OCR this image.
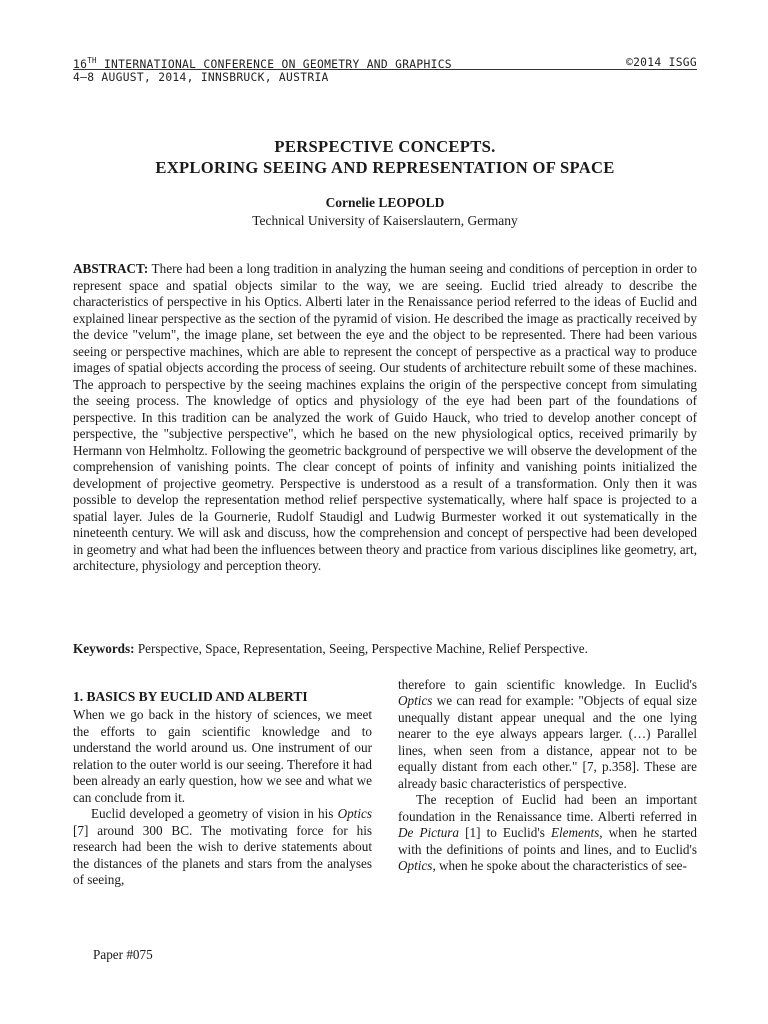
16TH INTERNATIONAL CONFERENCE ON GEOMETRY AND GRAPHICS	©2014 ISGG
4–8 AUGUST, 2014, INNSBRUCK, AUSTRIA
PERSPECTIVE CONCEPTS.
EXPLORING SEEING AND REPRESENTATION OF SPACE
Cornelie LEOPOLD
Technical University of Kaiserslautern, Germany
ABSTRACT: There had been a long tradition in analyzing the human seeing and conditions of perception in order to represent space and spatial objects similar to the way, we are seeing. Euclid tried already to describe the characteristics of perspective in his Optics. Alberti later in the Renaissance period referred to the ideas of Euclid and explained linear perspective as the section of the pyramid of vision. He described the image as practically received by the device "velum", the image plane, set between the eye and the object to be represented. There had been various seeing or perspective machines, which are able to represent the concept of perspective as a practical way to produce images of spatial objects according the process of seeing. Our students of architecture rebuilt some of these machines. The approach to perspective by the seeing machines explains the origin of the perspective concept from simulating the seeing process. The knowledge of optics and physiology of the eye had been part of the foundations of perspective. In this tradition can be analyzed the work of Guido Hauck, who tried to develop another concept of perspective, the "subjective perspective", which he based on the new physiological optics, received primarily by Hermann von Helmholtz. Following the geometric background of perspective we will observe the development of the comprehension of vanishing points. The clear concept of points of infinity and vanishing points initialized the development of projective geometry. Perspective is understood as a result of a transformation. Only then it was possible to develop the representation method relief perspective systematically, where half space is projected to a spatial layer. Jules de la Gournerie, Rudolf Staudigl and Ludwig Burmester worked it out systematically in the nineteenth century. We will ask and discuss, how the comprehension and concept of perspective had been developed in geometry and what had been the influences between theory and practice from various disciplines like geometry, art, architecture, physiology and perception theory.
Keywords: Perspective, Space, Representation, Seeing, Perspective Machine, Relief Perspective.
1. BASICS BY EUCLID AND ALBERTI

When we go back in the history of sciences, we meet the efforts to gain scientific knowledge and to understand the world around us. One instrument of our relation to the outer world is our seeing. Therefore it had been already an early question, how we see and what we can conclude from it.

Euclid developed a geometry of vision in his Optics [7] around 300 BC. The motivating force for his research had been the wish to derive statements about the distances of the planets and stars from the analyses of seeing,

therefore to gain scientific knowledge. In Euclid's Optics we can read for example: "Objects of equal size unequally distant appear unequal and the one lying nearer to the eye always appears larger. (…) Parallel lines, when seen from a distance, appear not to be equally distant from each other." [7, p.358]. These are already basic characteristics of perspective.

The reception of Euclid had been an important foundation in the Renaissance time. Alberti referred in De Pictura [1] to Euclid's Elements, when he started with the definitions of points and lines, and to Euclid's Optics, when he spoke about the characteristics of see-

Paper #075
